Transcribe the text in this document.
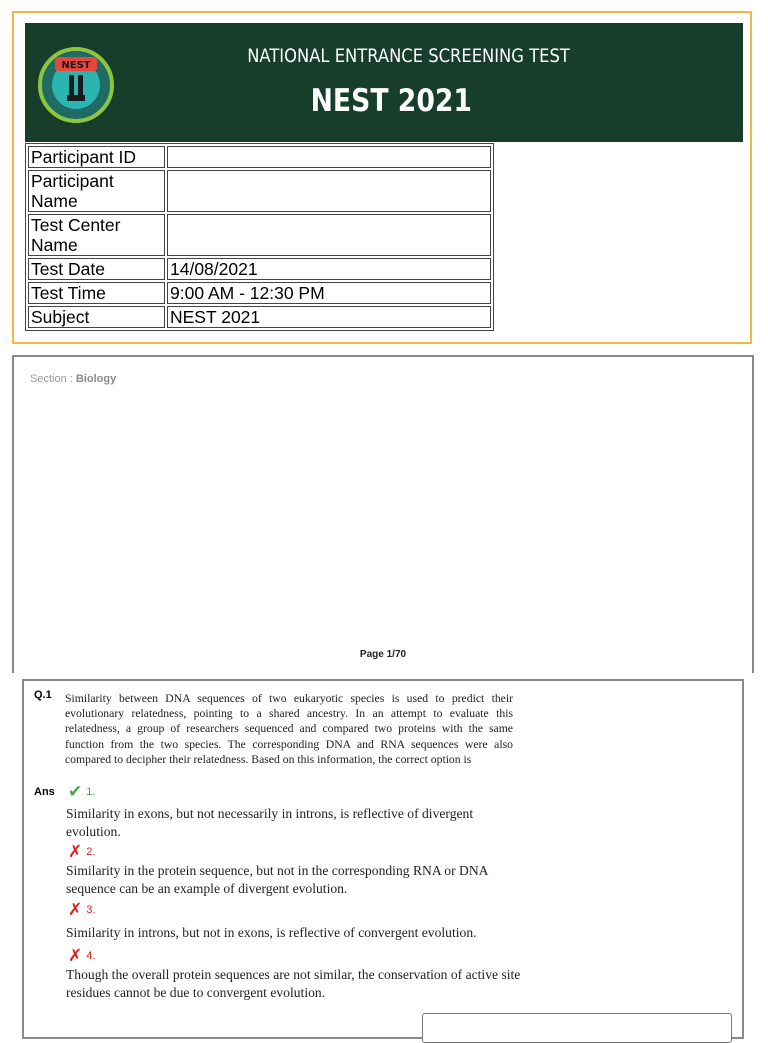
NEST	NATIONAL ENTRANCE SCREENING TEST
NEST 2021
Participant ID	
Participant Name	
Test Center Name	
Test Date	14/08/2021
Test Time	9:00 AM - 12:30 PM
Subject	NEST 2021
Section : Biology
Page 1/70
Q.1 Similarity between DNA sequences of two eukaryotic species is used to predict their evolutionary relatedness, pointing to a shared ancestry. In an attempt to evaluate this relatedness, a group of researchers sequenced and compared two proteins with the same function from the two species. The corresponding DNA and RNA sequences were also compared to decipher their relatedness. Based on this information, the correct option is
Ans ✔ 1.
Similarity in exons, but not necessarily in introns, is reflective of divergent evolution.
✗ 2.
Similarity in the protein sequence, but not in the corresponding RNA or DNA sequence can be an example of divergent evolution.
✗ 3.
Similarity in introns, but not in exons, is reflective of convergent evolution.
✗ 4.
Though the overall protein sequences are not similar, the conservation of active site residues cannot be due to convergent evolution.
